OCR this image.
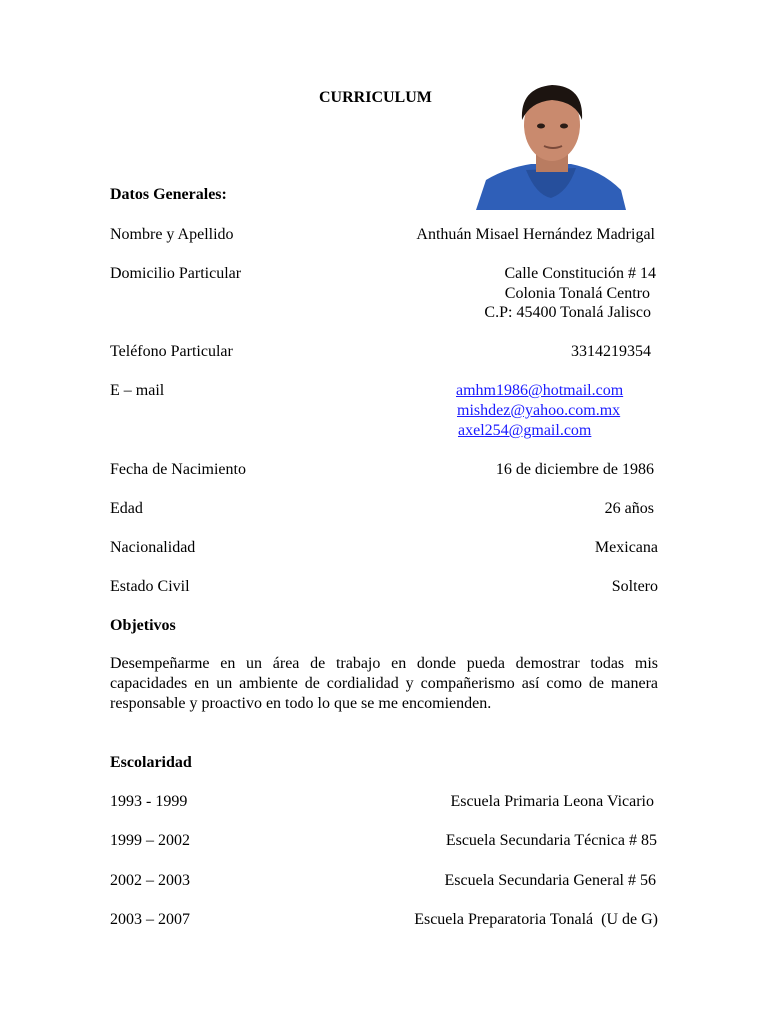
CURRICULUM
Datos Generales:
Nombre y Apellido	Anthuán Misael Hernández Madrigal
Domicilio Particular	Calle Constitución # 14
Colonia Tonalá Centro
C.P: 45400 Tonalá Jalisco
Teléfono Particular	3314219354
E – mail	amhm1986@hotmail.com
mishdez@yahoo.com.mx
axel254@gmail.com
Fecha de Nacimiento	16 de diciembre de 1986
Edad	26 años
Nacionalidad	Mexicana
Estado Civil	Soltero
Objetivos
Desempeñarme en un área de trabajo en donde pueda demostrar todas mis capacidades en un ambiente de cordialidad y compañerismo así como de manera responsable y proactivo en todo lo que se me encomienden.
Escolaridad
1993 - 1999	Escuela Primaria Leona Vicario
1999 – 2002	Escuela Secundaria Técnica # 85
2002 – 2003	Escuela Secundaria General # 56
2003 – 2007	Escuela Preparatoria Tonalá  (U de G)
